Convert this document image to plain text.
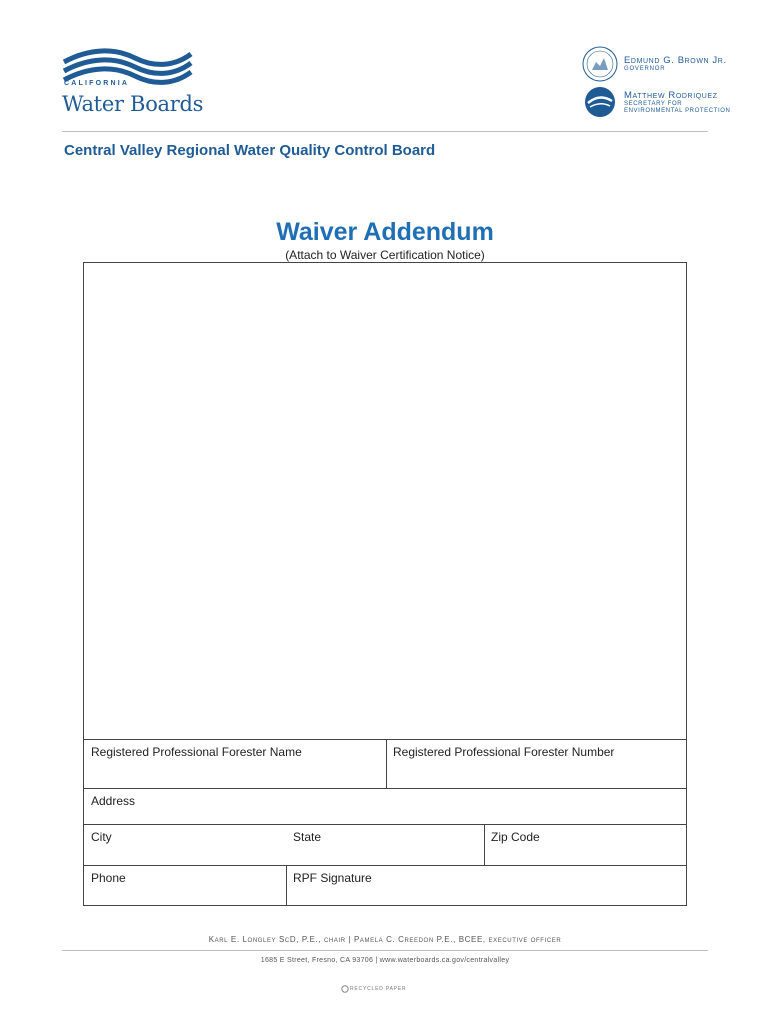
CALIFORNIA
Water Boards
Edmund G. Brown Jr.
GOVERNOR
Matthew Rodriquez
SECRETARY FOR
ENVIRONMENTAL PROTECTION
Central Valley Regional Water Quality Control Board
Waiver Addendum
(Attach to Waiver Certification Notice)
Registered Professional Forester Name	Registered Professional Forester Number
Address
City	State	Zip Code
Phone	RPF Signature
Karl E. Longley ScD, P.E., chair | Pamela C. Creedon P.E., BCEE, executive officer
1685 E Street, Fresno, CA 93706 | www.waterboards.ca.gov/centralvalley
RECYCLED PAPER
